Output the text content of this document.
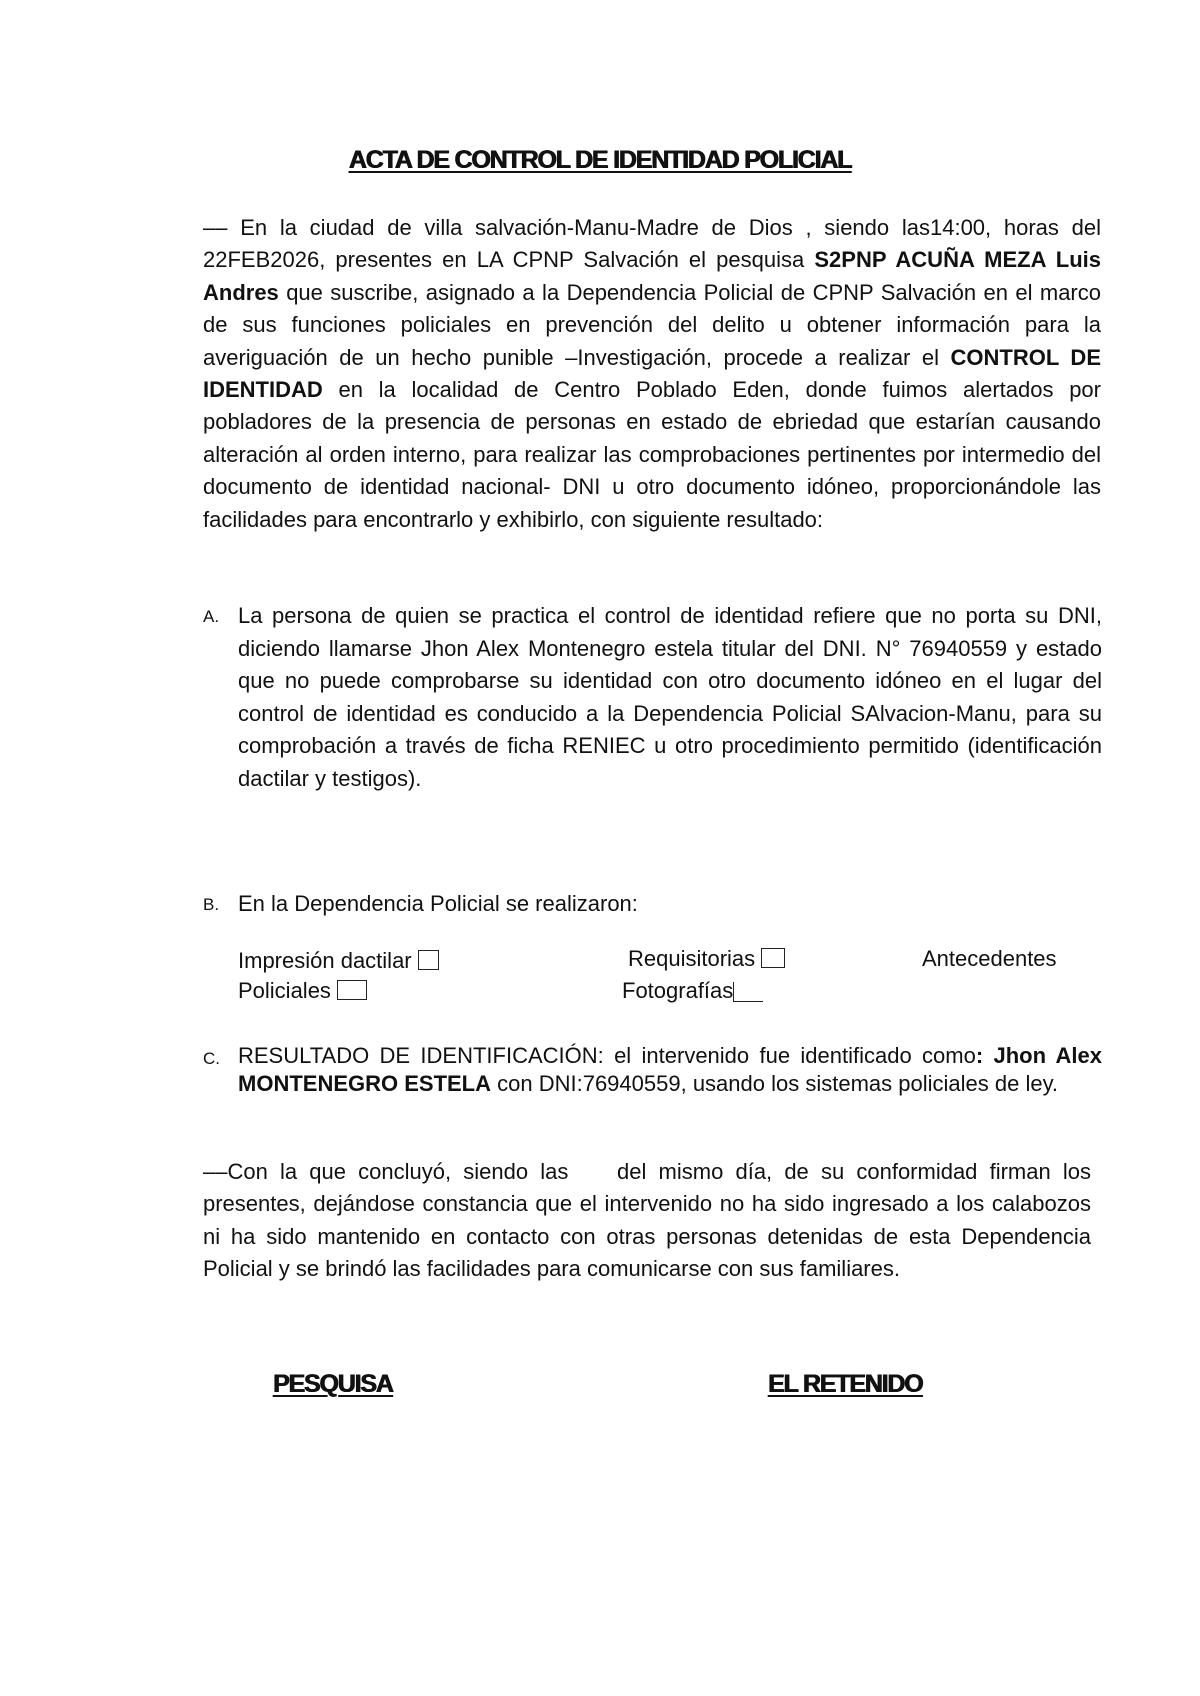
ACTA DE CONTROL DE IDENTIDAD POLICIAL

–– En la ciudad de villa salvación-Manu-Madre de Dios , siendo las14:00, horas del 22FEB2026, presentes en LA CPNP Salvación el pesquisa S2PNP ACUÑA MEZA Luis Andres que suscribe, asignado a la Dependencia Policial de CPNP Salvación en el marco de sus funciones policiales en prevención del delito u obtener información para la averiguación de un hecho punible –Investigación, procede a realizar el CONTROL DE IDENTIDAD en la localidad de Centro Poblado Eden, donde fuimos alertados por pobladores de la presencia de personas en estado de ebriedad que estarían causando alteración al orden interno, para realizar las comprobaciones pertinentes por intermedio del documento de identidad nacional- DNI u otro documento idóneo, proporcionándole las facilidades para encontrarlo y exhibirlo, con siguiente resultado:

A. La persona de quien se practica el control de identidad refiere que no porta su DNI, diciendo llamarse Jhon Alex Montenegro estela titular del DNI. N° 76940559 y estado que no puede comprobarse su identidad con otro documento idóneo en el lugar del control de identidad es conducido a la Dependencia Policial SAlvacion-Manu, para su comprobación a través de ficha RENIEC u otro procedimiento permitido (identificación dactilar y testigos).
B. En la Dependencia Policial se realizaron:
Impresión dactilar	Requisitorias	Antecedentes
Policiales	Fotografías
C. RESULTADO DE IDENTIFICACIÓN: el intervenido fue identificado como: Jhon Alex MONTENEGRO ESTELA con DNI:76940559, usando los sistemas policiales de ley.

––Con la que concluyó, siendo las    del mismo día, de su conformidad firman los presentes, dejándose constancia que el intervenido no ha sido ingresado a los calabozos ni ha sido mantenido en contacto con otras personas detenidas de esta Dependencia Policial y se brindó las facilidades para comunicarse con sus familiares.

PESQUISA	EL RETENIDO
